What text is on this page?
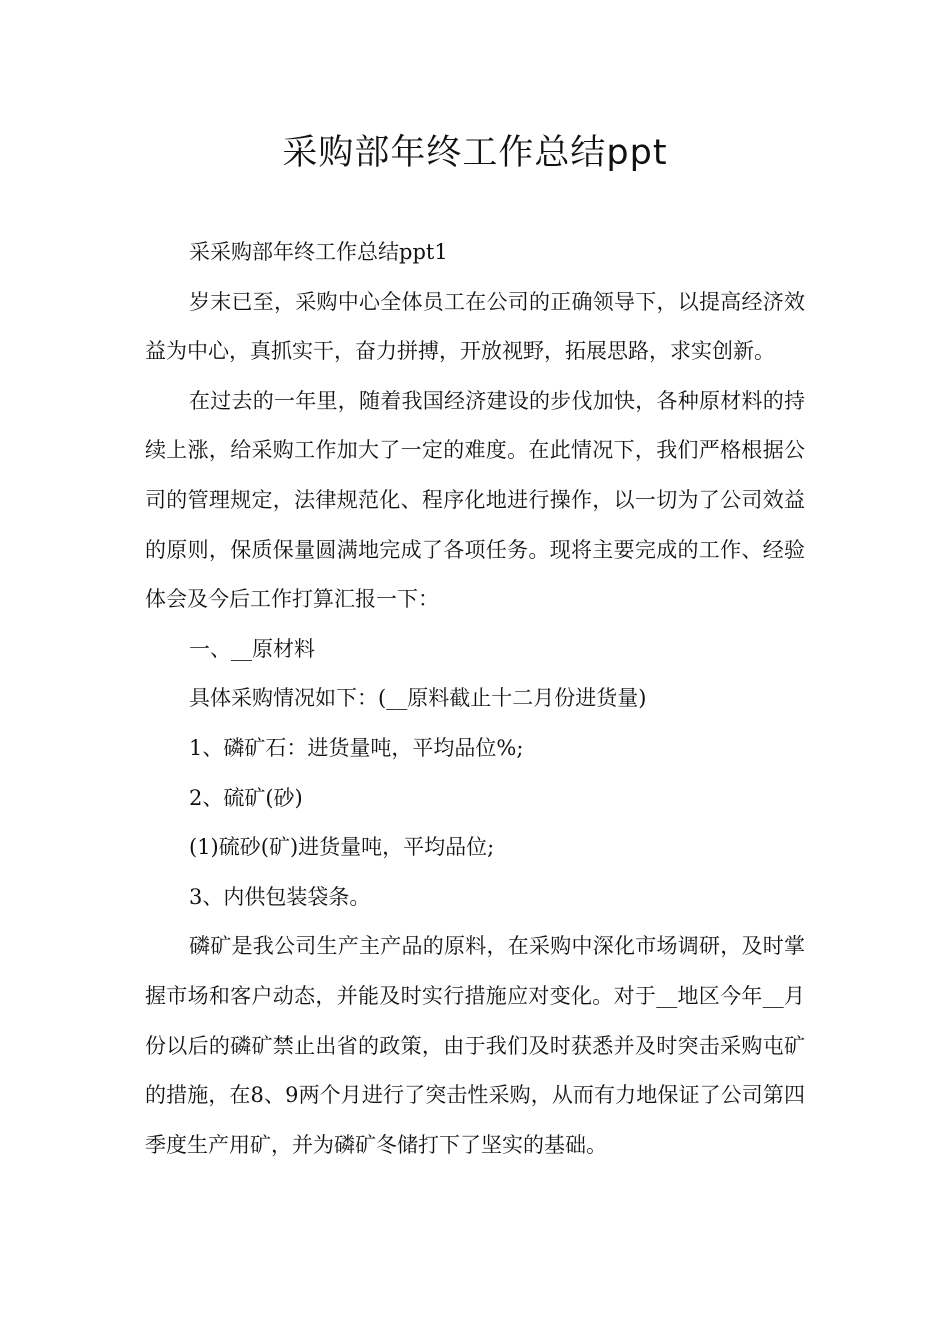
采购部年终工作总结ppt

采采购部年终工作总结ppt1

岁末已至，采购中心全体员工在公司的正确领导下，以提高经济效益为中心，真抓实干，奋力拼搏，开放视野，拓展思路，求实创新。

在过去的一年里，随着我国经济建设的步伐加快，各种原材料的持续上涨，给采购工作加大了一定的难度。在此情况下，我们严格根据公司的管理规定，法律规范化、程序化地进行操作，以一切为了公司效益的原则，保质保量圆满地完成了各项任务。现将主要完成的工作、经验体会及今后工作打算汇报一下：

一、__原材料

具体采购情况如下：(__原料截止十二月份进货量)

1、磷矿石：进货量吨，平均品位%;

2、硫矿(砂)

(1)硫砂(矿)进货量吨，平均品位;

3、内供包装袋条。

磷矿是我公司生产主产品的原料，在采购中深化市场调研，及时掌握市场和客户动态，并能及时实行措施应对变化。对于__地区今年__月份以后的磷矿禁止出省的政策，由于我们及时获悉并及时突击采购屯矿的措施，在8、9两个月进行了突击性采购，从而有力地保证了公司第四季度生产用矿，并为磷矿冬储打下了坚实的基础。
